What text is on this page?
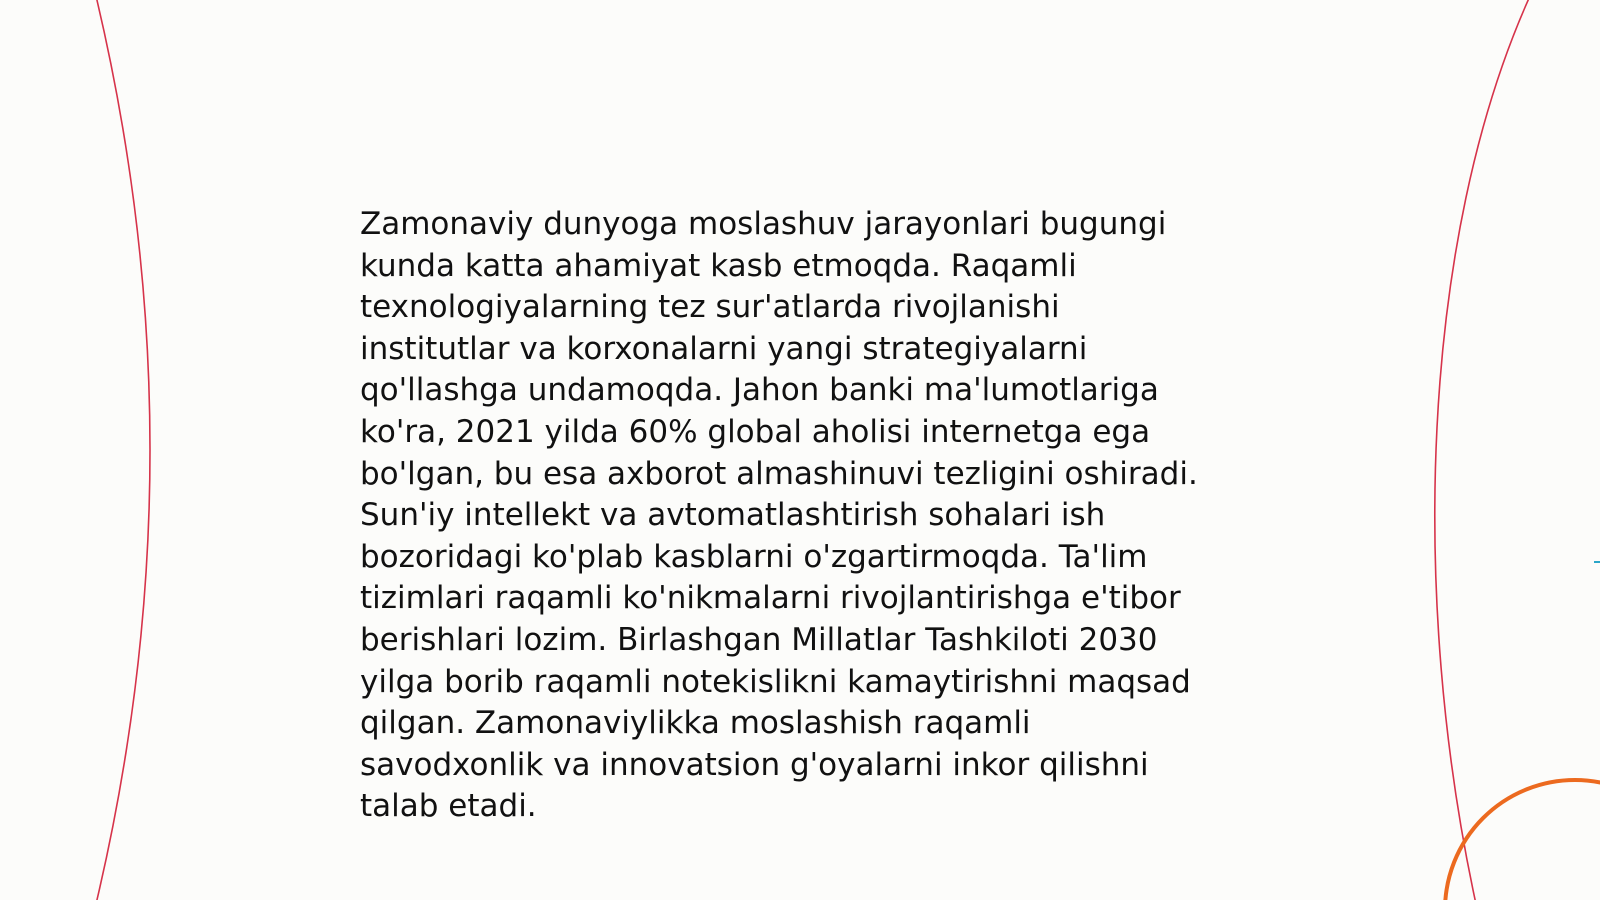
Zamonaviy dunyoga moslashuv jarayonlari bugungi
kunda katta ahamiyat kasb etmoqda. Raqamli
texnologiyalarning tez sur'atlarda rivojlanishi
institutlar va korxonalarni yangi strategiyalarni
qo'llashga undamoqda. Jahon banki ma'lumotlariga
ko'ra, 2021 yilda 60% global aholisi internetga ega
bo'lgan, bu esa axborot almashinuvi tezligini oshiradi.
Sun'iy intellekt va avtomatlashtirish sohalari ish
bozoridagi ko'plab kasblarni o'zgartirmoqda. Ta'lim
tizimlari raqamli ko'nikmalarni rivojlantirishga e'tibor
berishlari lozim. Birlashgan Millatlar Tashkiloti 2030
yilga borib raqamli notekislikni kamaytirishni maqsad
qilgan. Zamonaviylikka moslashish raqamli
savodxonlik va innovatsion g'oyalarni inkor qilishni
talab etadi.
